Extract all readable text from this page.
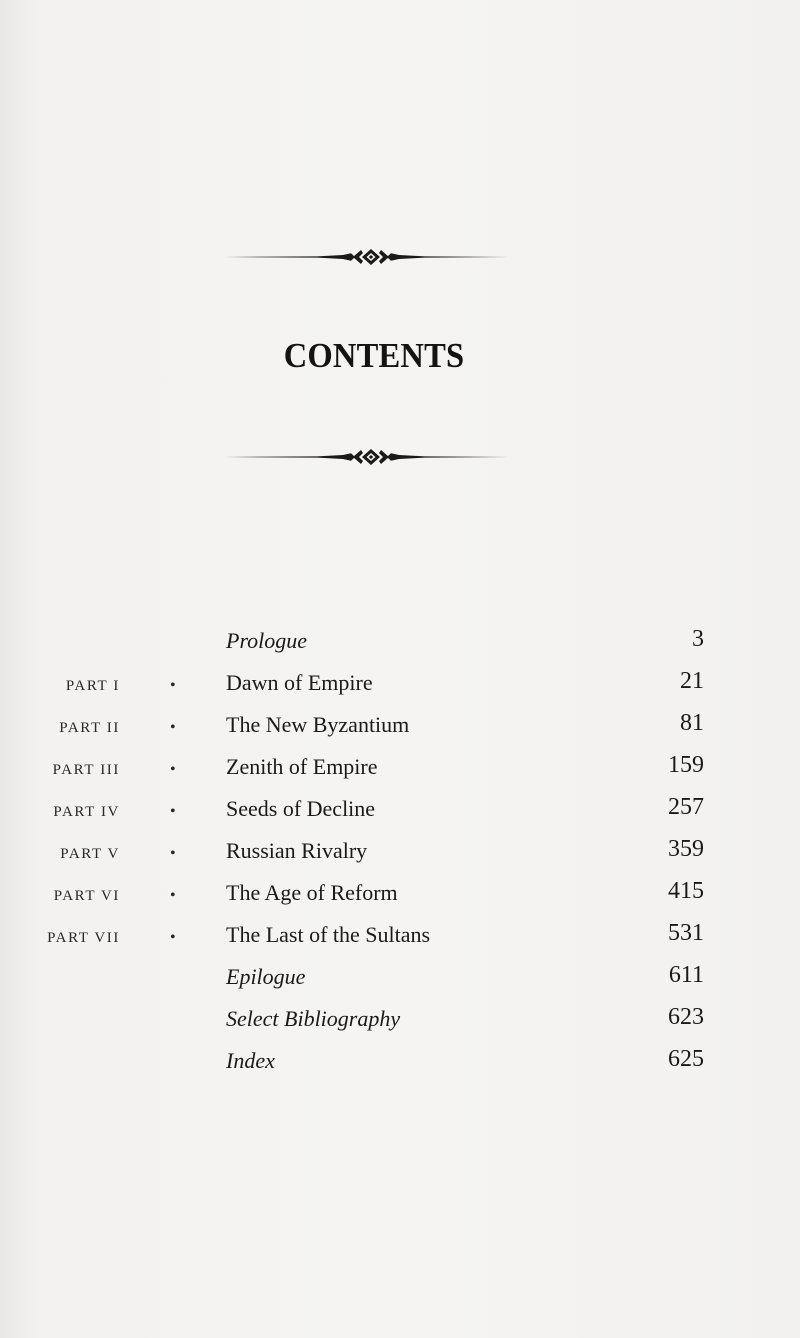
CONTENTS
Prologue	3
PART I	• Dawn of Empire	21
PART II	• The New Byzantium	81
PART III	• Zenith of Empire	159
PART IV	• Seeds of Decline	257
PART V	• Russian Rivalry	359
PART VI	• The Age of Reform	415
PART VII	• The Last of the Sultans	531
Epilogue	611
Select Bibliography	623
Index	625
